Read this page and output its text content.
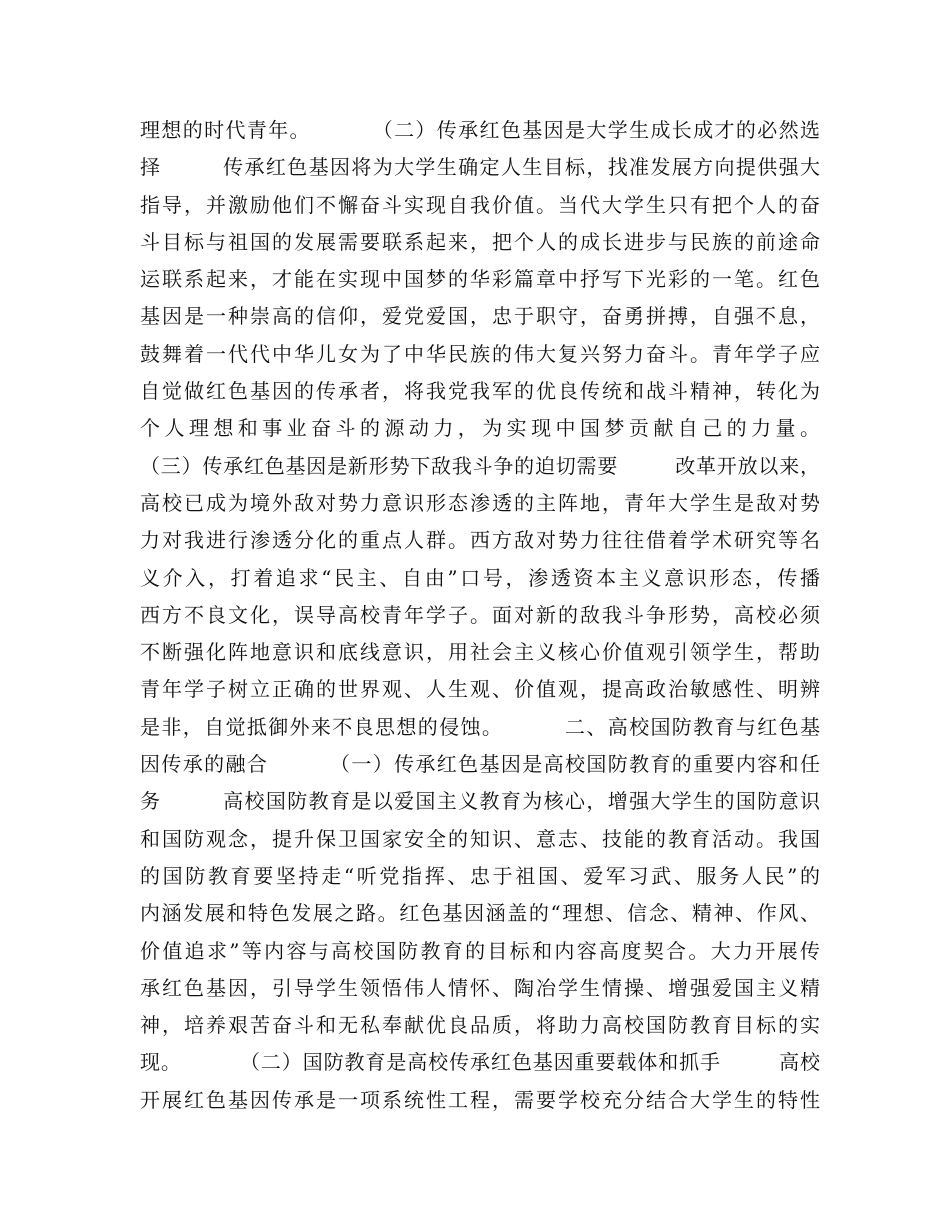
理想的时代青年。        （二）传承红色基因是大学生成长成才的必然选
择        传承红色基因将为大学生确定人生目标，找准发展方向提供强大
指导，并激励他们不懈奋斗实现自我价值。当代大学生只有把个人的奋
斗目标与祖国的发展需要联系起来，把个人的成长进步与民族的前途命
运联系起来，才能在实现中国梦的华彩篇章中抒写下光彩的一笔。红色
基因是一种崇高的信仰，爱党爱国，忠于职守，奋勇拼搏，自强不息，
鼓舞着一代代中华儿女为了中华民族的伟大复兴努力奋斗。青年学子应
自觉做红色基因的传承者，将我党我军的优良传统和战斗精神，转化为
个人理想和事业奋斗的源动力，为实现中国梦贡献自己的力量。
（三）传承红色基因是新形势下敌我斗争的迫切需要        改革开放以来，
高校已成为境外敌对势力意识形态渗透的主阵地，青年大学生是敌对势
力对我进行渗透分化的重点人群。西方敌对势力往往借着学术研究等名
义介入，打着追求“民主、自由”口号，渗透资本主义意识形态，传播
西方不良文化，误导高校青年学子。面对新的敌我斗争形势，高校必须
不断强化阵地意识和底线意识，用社会主义核心价值观引领学生，帮助
青年学子树立正确的世界观、人生观、价值观，提高政治敏感性、明辨
是非，自觉抵御外来不良思想的侵蚀。        二、高校国防教育与红色基
因传承的融合        （一）传承红色基因是高校国防教育的重要内容和任
务        高校国防教育是以爱国主义教育为核心，增强大学生的国防意识
和国防观念，提升保卫国家安全的知识、意志、技能的教育活动。我国
的国防教育要坚持走“听党指挥、忠于祖国、爱军习武、服务人民”的
内涵发展和特色发展之路。红色基因涵盖的“理想、信念、精神、作风、
价值追求”等内容与高校国防教育的目标和内容高度契合。大力开展传
承红色基因，引导学生领悟伟人情怀、陶冶学生情操、增强爱国主义精
神，培养艰苦奋斗和无私奉献优良品质，将助力高校国防教育目标的实
现。        （二）国防教育是高校传承红色基因重要载体和抓手        高校
开展红色基因传承是一项系统性工程，需要学校充分结合大学生的特性
